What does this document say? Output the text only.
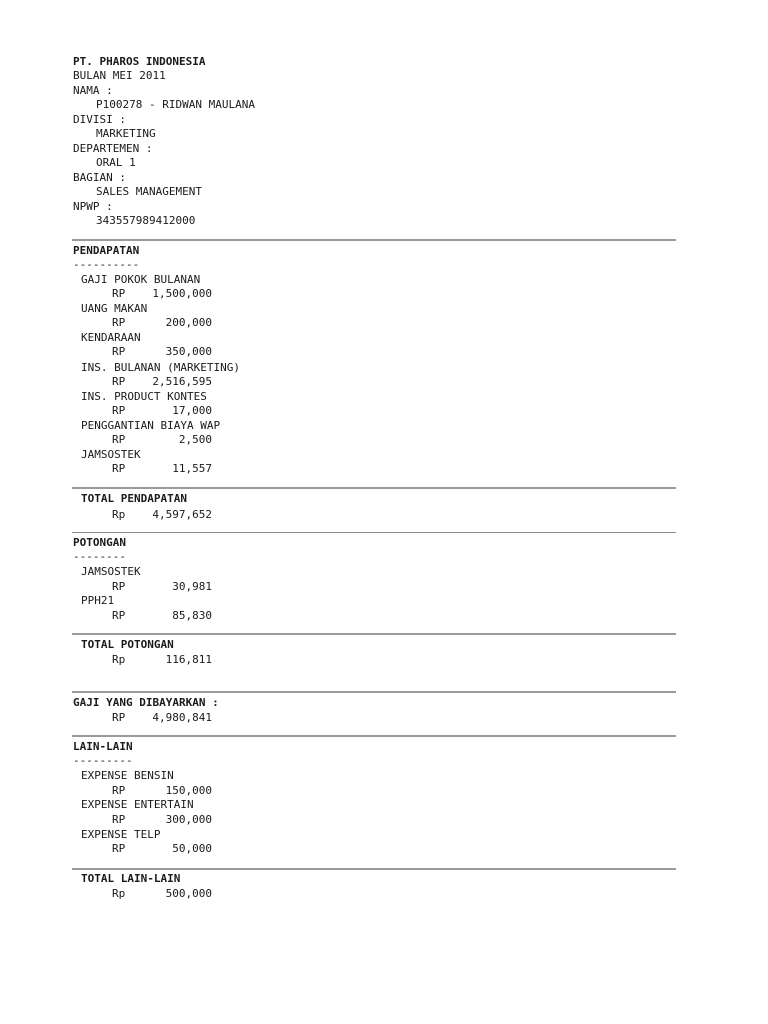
PT. PHAROS INDONESIA
BULAN MEI 2011
NAMA :
P100278 - RIDWAN MAULANA
DIVISI :
MARKETING
DEPARTEMEN :
ORAL 1
BAGIAN :
SALES MANAGEMENT
NPWP :
343557989412000
PENDAPATAN
----------
GAJI POKOK BULANAN
RP	1,500,000
UANG MAKAN
RP	200,000
KENDARAAN
RP	350,000
INS. BULANAN (MARKETING)
RP	2,516,595
INS. PRODUCT KONTES
RP	17,000
PENGGANTIAN BIAYA WAP
RP	2,500
JAMSOSTEK
RP	11,557
TOTAL PENDAPATAN
Rp	4,597,652
POTONGAN
--------
JAMSOSTEK
RP	30,981
PPH21
RP	85,830
TOTAL POTONGAN
Rp	116,811
GAJI YANG DIBAYARKAN :
RP	4,980,841
LAIN-LAIN
---------
EXPENSE BENSIN
RP	150,000
EXPENSE ENTERTAIN
RP	300,000
EXPENSE TELP
RP	50,000
TOTAL LAIN-LAIN
Rp	500,000
